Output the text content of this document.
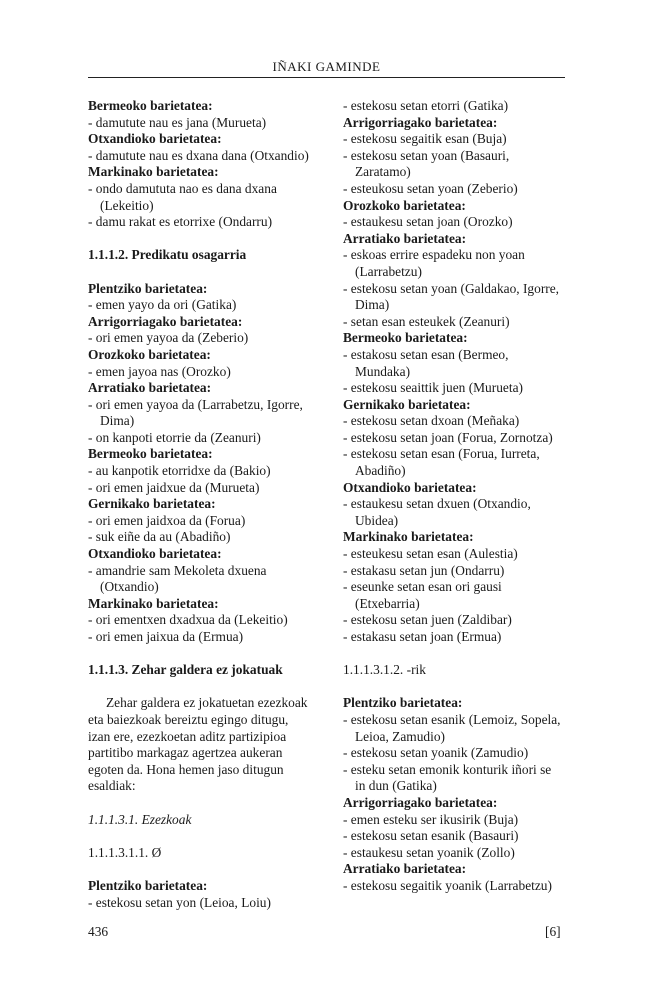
IÑAKI GAMINDE
Bermeoko barietatea:
- damutute nau es jana (Murueta)
Otxandioko barietatea:
- damutute nau es dxana dana (Otxandio)
Markinako barietatea:
- ondo damututa nao es dana dxana (Lekeitio)
- damu rakat es etorrixe (Ondarru)
1.1.1.2. Predikatu osagarria
Plentziko barietatea:
- emen yayo da ori (Gatika)
Arrigorriagako barietatea:
- ori emen yayoa da (Zeberio)
Orozkoko barietatea:
- emen jayoa nas (Orozko)
Arratiako barietatea:
- ori emen yayoa da (Larrabetzu, Igorre, Dima)
- on kanpoti etorrie da (Zeanuri)
Bermeoko barietatea:
- au kanpotik etorridxe da (Bakio)
- ori emen jaidxue da (Murueta)
Gernikako barietatea:
- ori emen jaidxoa da (Forua)
- suk eiñe da au (Abadiño)
Otxandioko barietatea:
- amandrie sam Mekoleta dxuena (Otxandio)
Markinako barietatea:
- ori ementxen dxadxua da (Lekeitio)
- ori emen jaixua da (Ermua)
1.1.1.3. Zehar galdera ez jokatuak
Zehar galdera ez jokatuetan ezezkoak eta baiezkoak bereiztu egingo ditugu, izan ere, ezezkoetan aditz partizipioa partitibo markagaz agertzea aukeran egoten da. Hona hemen jaso ditugun esaldiak:
1.1.1.3.1. Ezezkoak
1.1.1.3.1.1. Ø
Plentziko barietatea:
- estekosu setan yon (Leioa, Loiu)
- estekosu setan etorri (Gatika)
Arrigorriagako barietatea:
- estekosu segaitik esan (Buja)
- estekosu setan yoan (Basauri, Zaratamo)
- esteukosu setan yoan (Zeberio)
Orozkoko barietatea:
- estaukesu setan joan (Orozko)
Arratiako barietatea:
- eskoas errire espadeku non yoan (Larrabetzu)
- estekosu setan yoan (Galdakao, Igorre, Dima)
- setan esan esteukek (Zeanuri)
Bermeoko barietatea:
- estakosu setan esan (Bermeo, Mundaka)
- estekosu seaittik juen (Murueta)
Gernikako barietatea:
- estekosu setan dxoan (Meñaka)
- estekosu setan joan (Forua, Zornotza)
- estekosu setan esan (Forua, Iurreta, Abadiño)
Otxandioko barietatea:
- estaukesu setan dxuen (Otxandio, Ubidea)
Markinako barietatea:
- esteukesu setan esan (Aulestia)
- estakasu setan jun (Ondarru)
- eseunke setan esan ori gausi (Etxebarria)
- estekosu setan juen (Zaldibar)
- estakasu setan joan (Ermua)
1.1.1.3.1.2. -rik
Plentziko barietatea:
- estekosu setan esanik (Lemoiz, Sopela, Leioa, Zamudio)
- estekosu setan yoanik (Zamudio)
- esteku setan emonik konturik iñori se in dun (Gatika)
Arrigorriagako barietatea:
- emen esteku ser ikusirik (Buja)
- estekosu setan esanik (Basauri)
- estaukesu setan yoanik (Zollo)
Arratiako barietatea:
- estekosu segaitik yoanik (Larrabetzu)
436	[6]
